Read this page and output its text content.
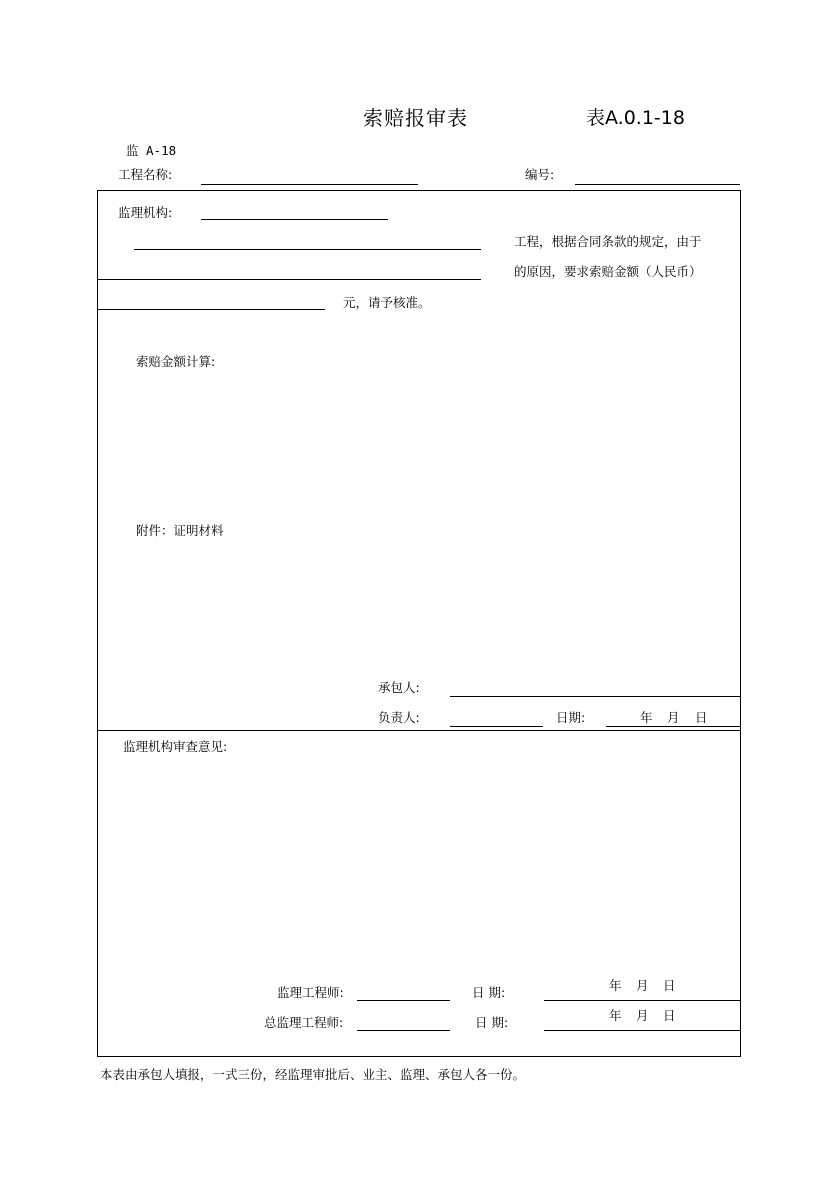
索赔报审表	表A.0.1-18
监 A-18
工程名称:	编号:
监理机构:
工程，根据合同条款的规定，由于
的原因，要求索赔金额（人民币）
元，请予核准。
索赔金额计算:
附件：证明材料
承包人:
负责人:	日期:	年 月 日
监理机构审查意见:
监理工程师:	日 期:	年 月 日
总监理工程师:	日 期:	年 月 日
本表由承包人填报，一式三份，经监理审批后、业主、监理、承包人各一份。
